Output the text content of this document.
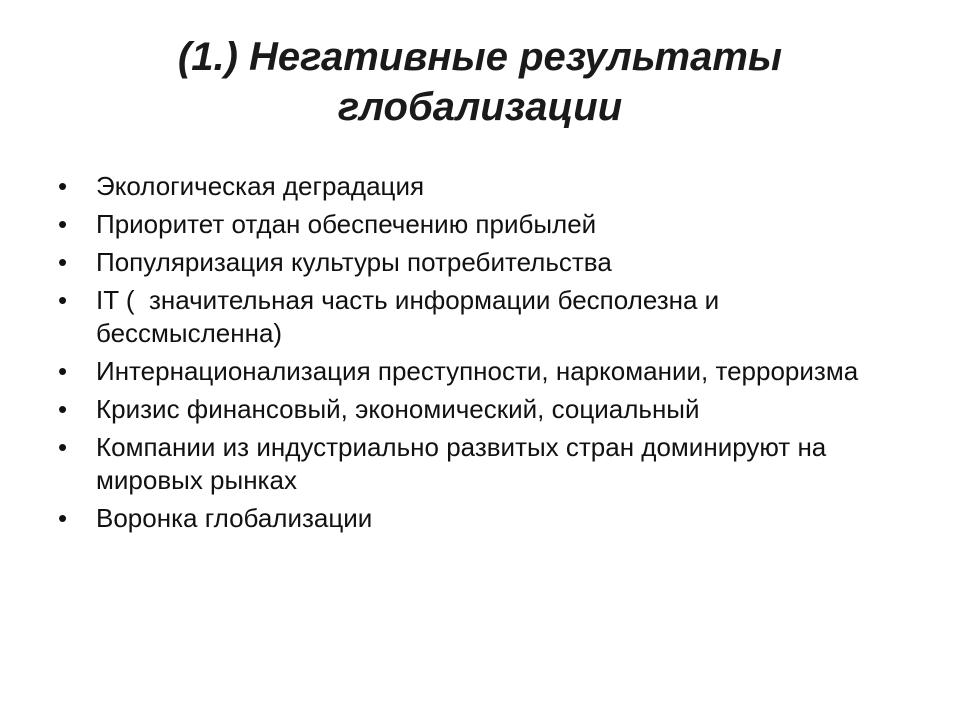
(1.) Негативные результаты
глобализации
• Экологическая деградация
• Приоритет отдан обеспечению прибылей
• Популяризация культуры потребительства
• IT (  значительная часть информации бесполезна и бессмысленна)
• Интернационализация преступности, наркомании, терроризма
• Кризис финансовый, экономический, социальный
• Компании из индустриально развитых стран доминируют на мировых рынках
• Воронка глобализации
